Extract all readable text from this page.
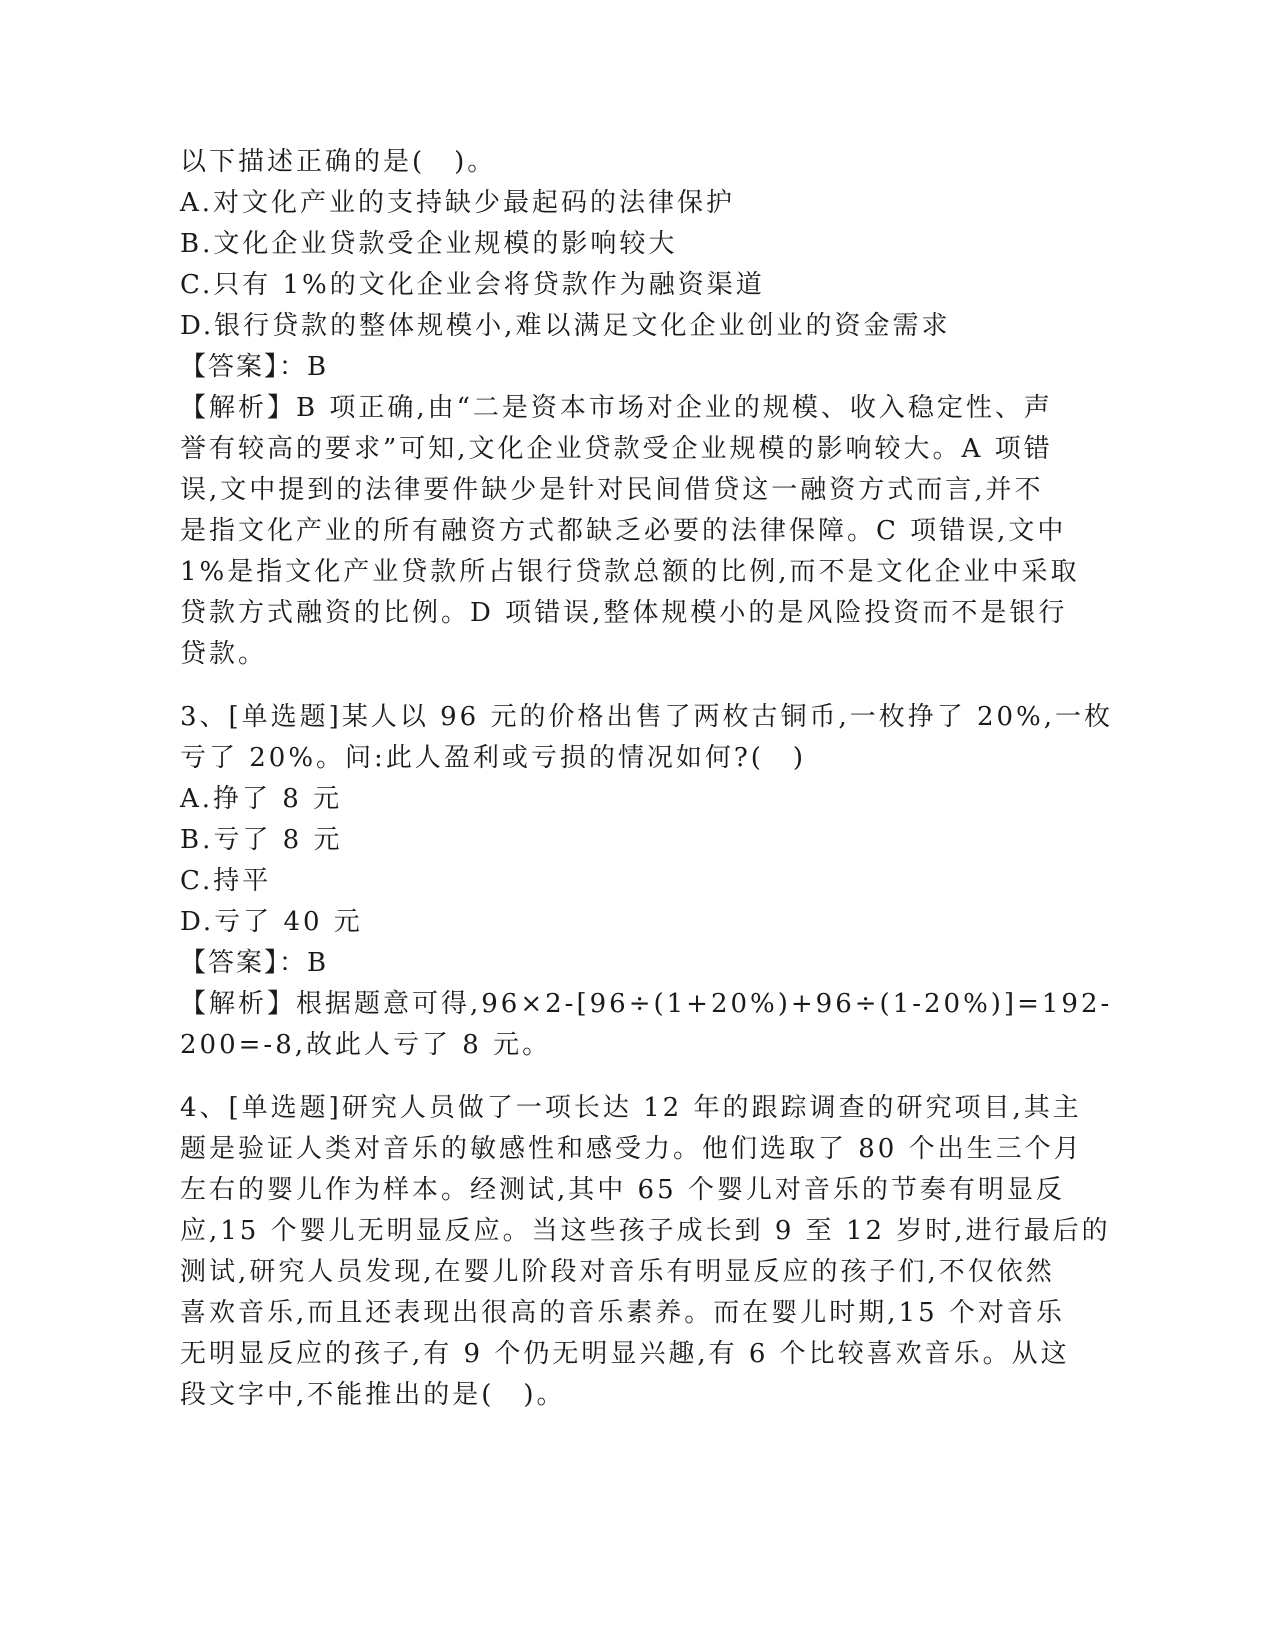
以下描述正确的是(　)。
A.对文化产业的支持缺少最起码的法律保护
B.文化企业贷款受企业规模的影响较大
C.只有 1%的文化企业会将贷款作为融资渠道
D.银行贷款的整体规模小,难以满足文化企业创业的资金需求
【答案】：B
【解析】B 项正确,由“二是资本市场对企业的规模、收入稳定性、声
誉有较高的要求”可知,文化企业贷款受企业规模的影响较大。A 项错
误,文中提到的法律要件缺少是针对民间借贷这一融资方式而言,并不
是指文化产业的所有融资方式都缺乏必要的法律保障。C 项错误,文中
1%是指文化产业贷款所占银行贷款总额的比例,而不是文化企业中采取
贷款方式融资的比例。D 项错误,整体规模小的是风险投资而不是银行
贷款。
3、[单选题]某人以 96 元的价格出售了两枚古铜币,一枚挣了 20%,一枚
亏了 20%。问:此人盈利或亏损的情况如何?(　)
A.挣了 8 元
B.亏了 8 元
C.持平
D.亏了 40 元
【答案】：B
【解析】根据题意可得,96×2-[96÷(1+20%)+96÷(1-20%)]=192-
200=-8,故此人亏了 8 元。
4、[单选题]研究人员做了一项长达 12 年的跟踪调查的研究项目,其主
题是验证人类对音乐的敏感性和感受力。他们选取了 80 个出生三个月
左右的婴儿作为样本。经测试,其中 65 个婴儿对音乐的节奏有明显反
应,15 个婴儿无明显反应。当这些孩子成长到 9 至 12 岁时,进行最后的
测试,研究人员发现,在婴儿阶段对音乐有明显反应的孩子们,不仅依然
喜欢音乐,而且还表现出很高的音乐素养。而在婴儿时期,15 个对音乐
无明显反应的孩子,有 9 个仍无明显兴趣,有 6 个比较喜欢音乐。从这
段文字中,不能推出的是(　)。
